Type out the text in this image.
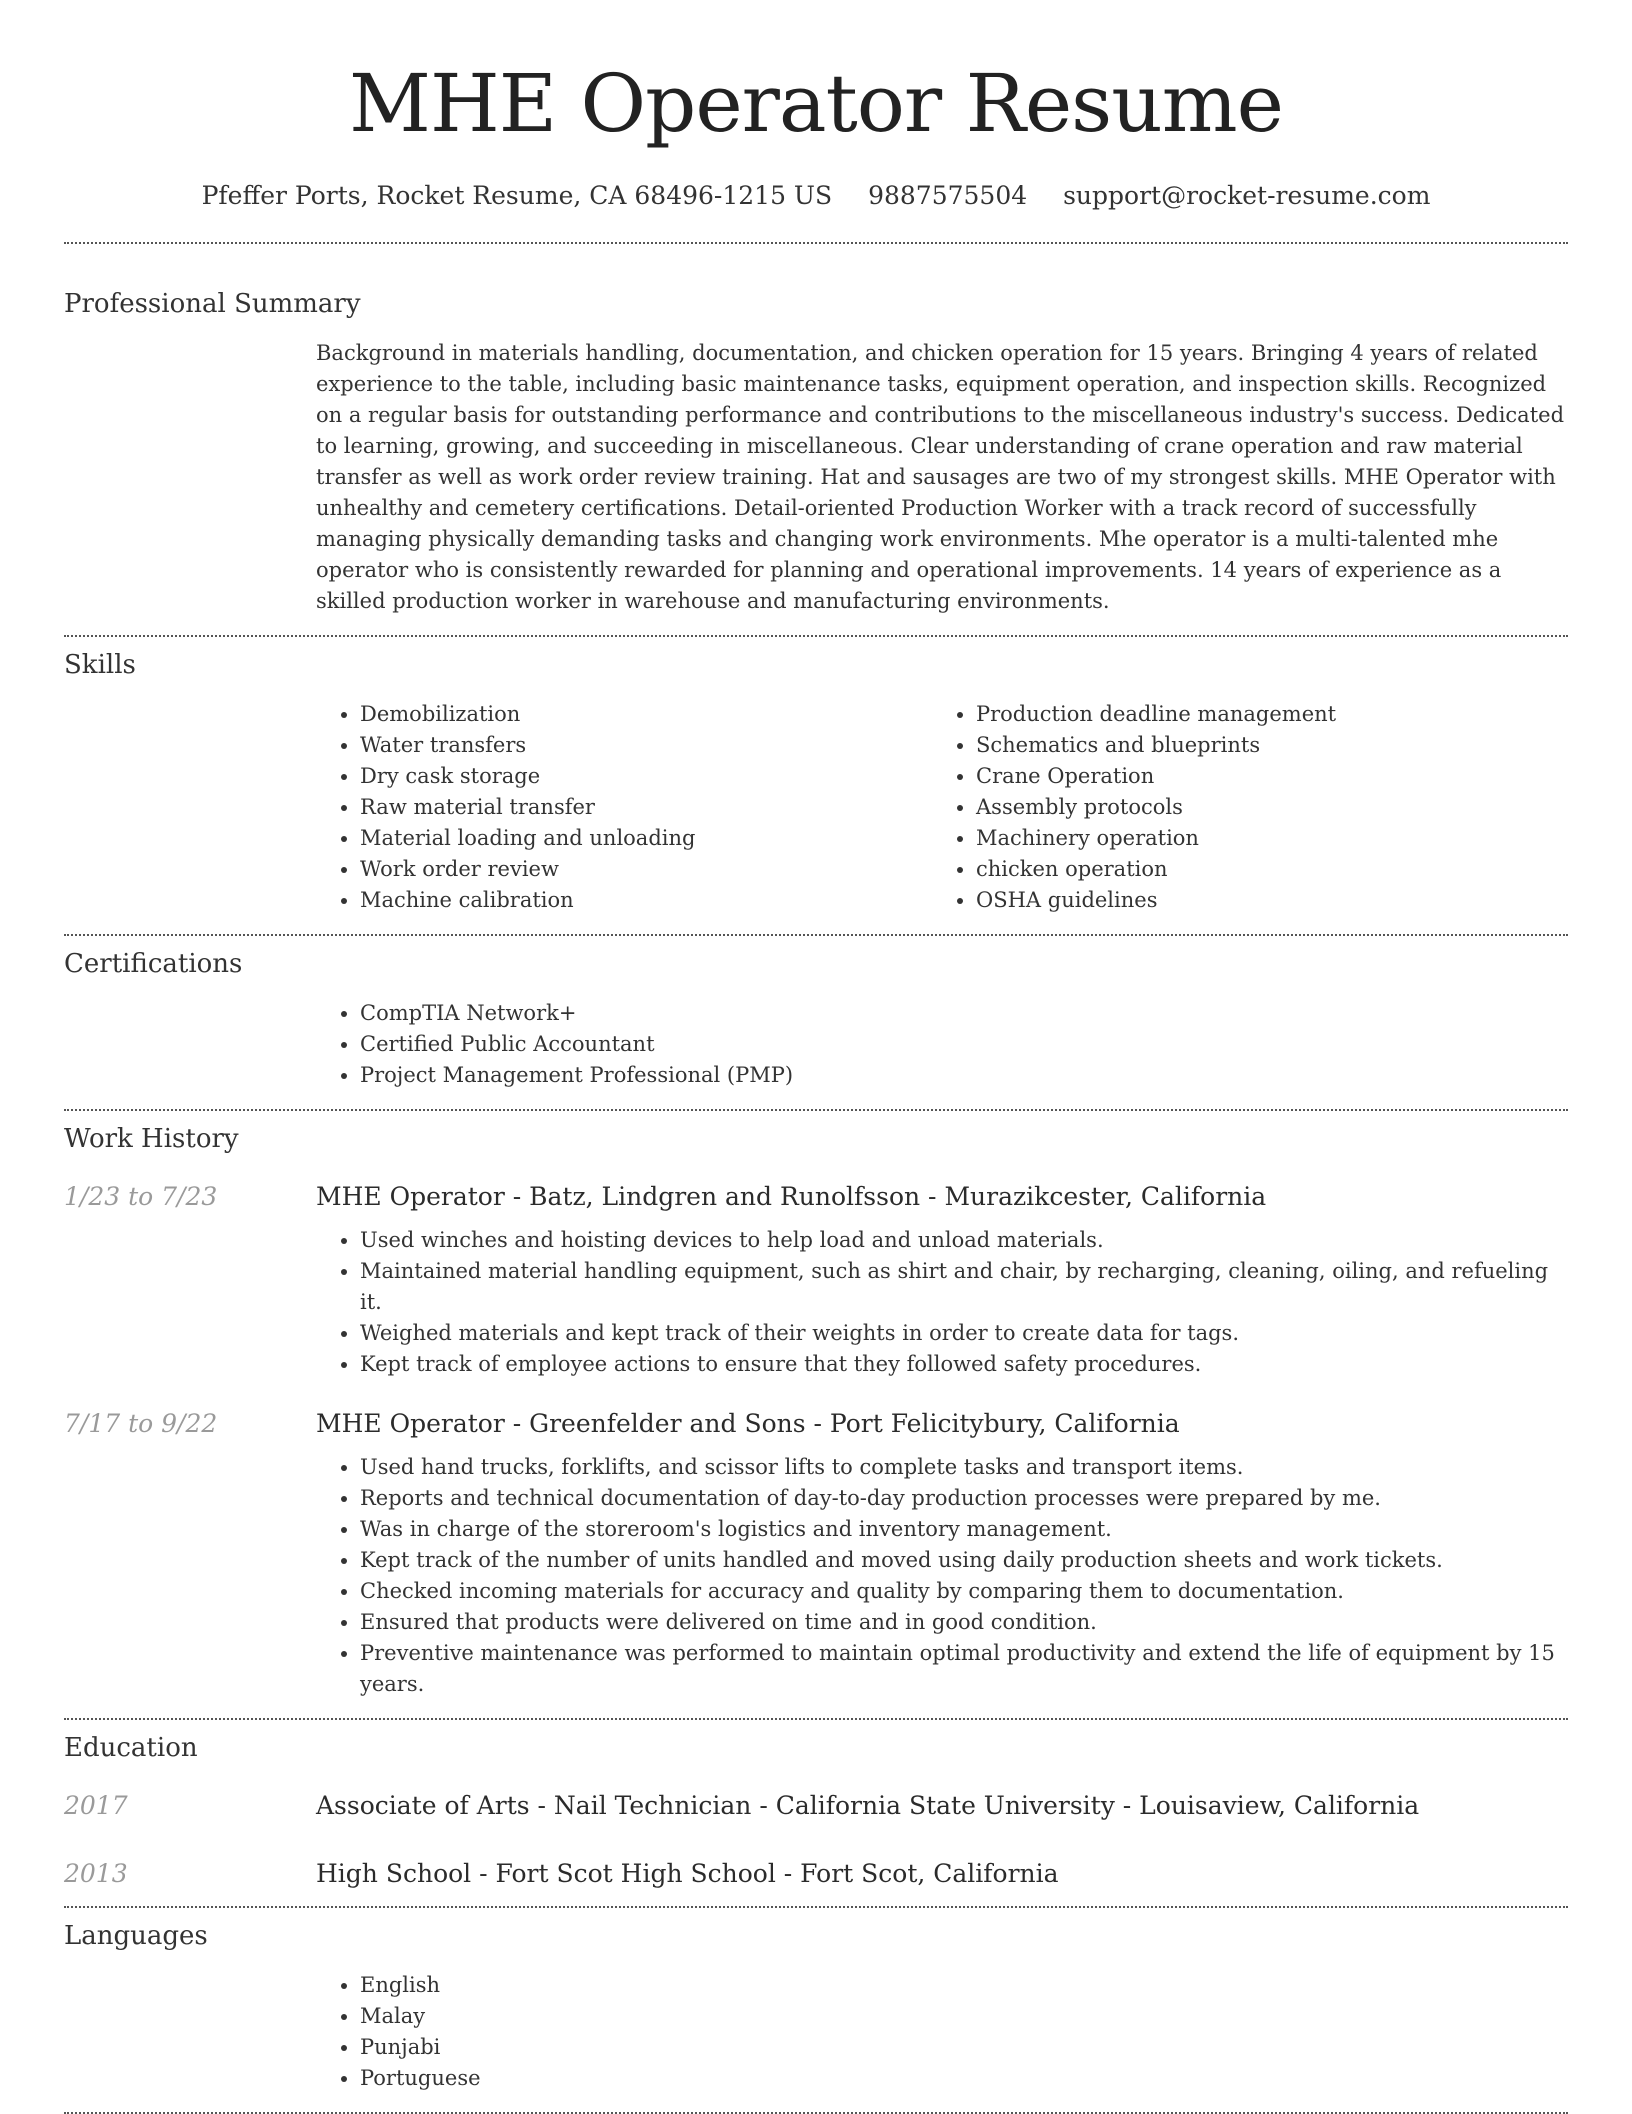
MHE Operator Resume
Pfeffer Ports, Rocket Resume, CA 68496-1215 US 9887575504 support@rocket-resume.com
Professional Summary

Background in materials handling, documentation, and chicken operation for 15 years. Bringing 4 years of related experience to the table, including basic maintenance tasks, equipment operation, and inspection skills. Recognized on a regular basis for outstanding performance and contributions to the miscellaneous industry's success. Dedicated to learning, growing, and succeeding in miscellaneous. Clear understanding of crane operation and raw material transfer as well as work order review training. Hat and sausages are two of my strongest skills. MHE Operator with unhealthy and cemetery certifications. Detail-oriented Production Worker with a track record of successfully managing physically demanding tasks and changing work environments. Mhe operator is a multi-talented mhe operator who is consistently rewarded for planning and operational improvements. 14 years of experience as a skilled production worker in warehouse and manufacturing environments.

Skills
• Demobilization
• Water transfers
• Dry cask storage
• Raw material transfer
• Material loading and unloading
• Work order review
• Machine calibration
• Production deadline management
• Schematics and blueprints
• Crane Operation
• Assembly protocols
• Machinery operation
• chicken operation
• OSHA guidelines
Certifications
• CompTIA Network+
• Certified Public Accountant
• Project Management Professional (PMP)
Work History
1/23 to 7/23	MHE Operator - Batz, Lindgren and Runolfsson - Murazikcester, California
• Used winches and hoisting devices to help load and unload materials.
• Maintained material handling equipment, such as shirt and chair, by recharging, cleaning, oiling, and refueling it.
• Weighed materials and kept track of their weights in order to create data for tags.
• Kept track of employee actions to ensure that they followed safety procedures.
7/17 to 9/22	MHE Operator - Greenfelder and Sons - Port Felicitybury, California
• Used hand trucks, forklifts, and scissor lifts to complete tasks and transport items.
• Reports and technical documentation of day-to-day production processes were prepared by me.
• Was in charge of the storeroom's logistics and inventory management.
• Kept track of the number of units handled and moved using daily production sheets and work tickets.
• Checked incoming materials for accuracy and quality by comparing them to documentation.
• Ensured that products were delivered on time and in good condition.
• Preventive maintenance was performed to maintain optimal productivity and extend the life of equipment by 15 years.
Education
2017	Associate of Arts - Nail Technician - California State University - Louisaview, California
2013	High School - Fort Scot High School - Fort Scot, California
Languages
• English
• Malay
• Punjabi
• Portuguese
